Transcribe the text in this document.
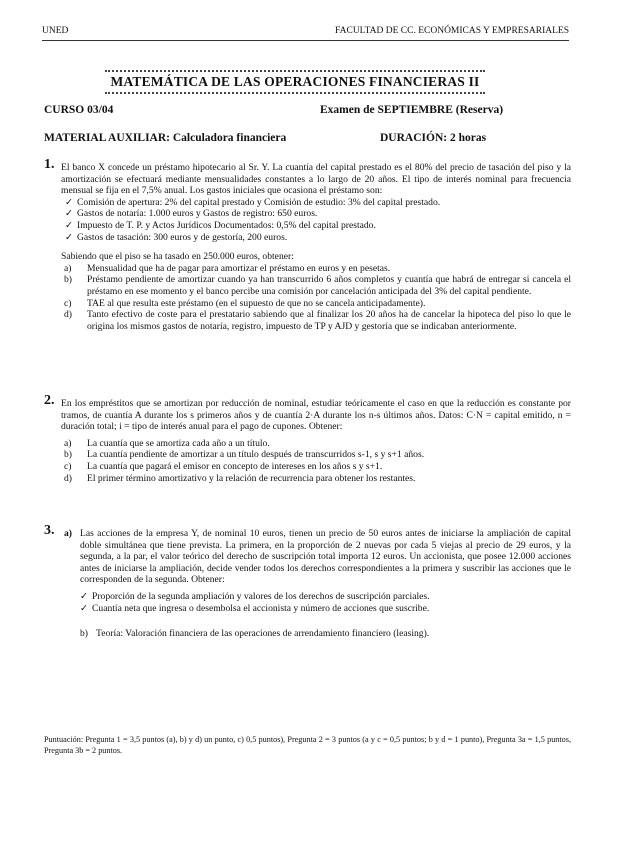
UNED	FACULTAD DE CC. ECONÓMICAS Y EMPRESARIALES
MATEMÁTICA DE LAS OPERACIONES FINANCIERAS II
CURSO 03/04	Examen de SEPTIEMBRE (Reserva)
MATERIAL AUXILIAR: Calculadora financiera	DURACIÓN: 2 horas
1. El banco X concede un préstamo hipotecario al Sr. Y. La cuantía del capital prestado es el 80% del precio de tasación del piso y la amortización se efectuará mediante mensualidades constantes a lo largo de 20 años. El tipo de interés nominal para frecuencia mensual se fija en el 7,5% anual. Los gastos iniciales que ocasiona el préstamo son:
✓ Comisión de apertura: 2% del capital prestado y Comisión de estudio: 3% del capital prestado.
✓ Gastos de notaría: 1.000 euros y Gastos de registro: 650 euros.
✓ Impuesto de T. P. y Actos Jurídicos Documentados: 0,5% del capital prestado.
✓ Gastos de tasación: 300 euros y de gestoría, 200 euros.
Sabiendo que el piso se ha tasado en 250.000 euros, obtener:
a) Mensualidad que ha de pagar para amortizar el préstamo en euros y en pesetas.
b) Préstamo pendiente de amortizar cuando ya han transcurrido 6 años completos y cuantía que habrá de entregar si cancela el préstamo en ese momento y el banco percibe una comisión por cancelación anticipada del 3% del capital pendiente.
c) TAE al que resulta este préstamo (en el supuesto de que no se cancela anticipadamente).
d) Tanto efectivo de coste para el prestatario sabiendo que al finalizar los 20 años ha de cancelar la hipoteca del piso lo que le origina los mismos gastos de notaría, registro, impuesto de TP y AJD y gestoría que se indicaban anteriormente.
2. En los empréstitos que se amortizan por reducción de nominal, estudiar teóricamente el caso en que la reducción es constante por tramos, de cuantía A durante los s primeros años y de cuantía 2·A durante los n-s últimos años. Datos: C·N = capital emitido, n = duración total; i = tipo de interés anual para el pago de cupones. Obtener:
a) La cuantía que se amortiza cada año a un título.
b) La cuantía pendiente de amortizar a un título después de transcurridos s-1, s y s+1 años.
c) La cuantía que pagará el emisor en concepto de intereses en los años s y s+1.
d) El primer término amortizativo y la relación de recurrencia para obtener los restantes.
3. a) Las acciones de la empresa Y, de nominal 10 euros, tienen un precio de 50 euros antes de iniciarse la ampliación de capital doble simultánea que tiene prevista. La primera, en la proporción de 2 nuevas por cada 5 viejas al precio de 29 euros, y la segunda, a la par, el valor teórico del derecho de suscripción total importa 12 euros. Un accionista, que posee 12.000 acciones antes de iniciarse la ampliación, decide vender todos los derechos correspondientes a la primera y suscribir las acciones que le corresponden de la segunda. Obtener:
✓ Proporción de la segunda ampliación y valores de los derechos de suscripción parciales.
✓ Cuantía neta que ingresa o desembolsa el accionista y número de acciones que suscribe.
b) Teoría: Valoración financiera de las operaciones de arrendamiento financiero (leasing).
Puntuación: Pregunta 1 = 3,5 puntos (a), b) y d) un punto, c) 0,5 puntos), Pregunta 2 = 3 puntos (a y c = 0,5 puntos; b y d = 1 punto), Pregunta 3a = 1,5 puntos, Pregunta 3b = 2 puntos.
